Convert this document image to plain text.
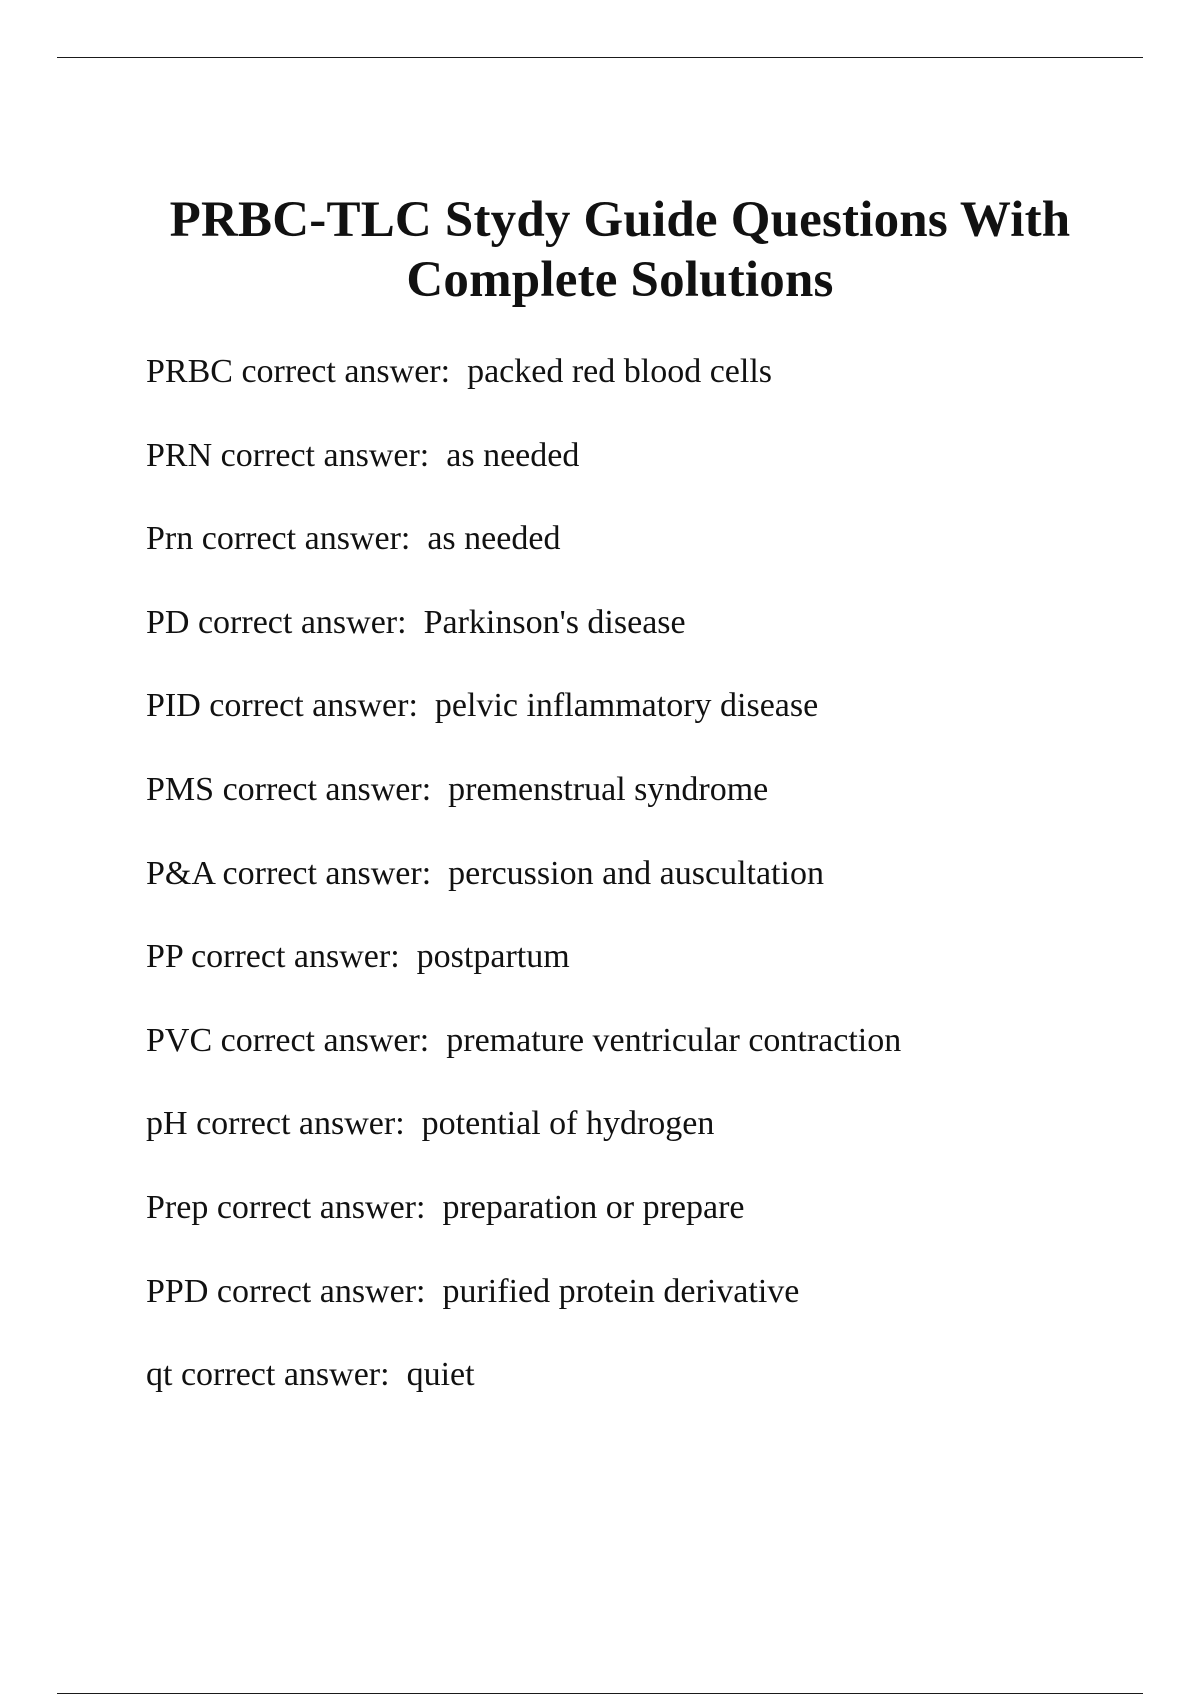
PRBC-TLC Stydy Guide Questions With
Complete Solutions
PRBC correct answer:  packed red blood cells
PRN correct answer:  as needed
Prn correct answer:  as needed
PD correct answer:  Parkinson's disease
PID correct answer:  pelvic inflammatory disease
PMS correct answer:  premenstrual syndrome
P&A correct answer:  percussion and auscultation
PP correct answer:  postpartum
PVC correct answer:  premature ventricular contraction
pH correct answer:  potential of hydrogen
Prep correct answer:  preparation or prepare
PPD correct answer:  purified protein derivative
qt correct answer:  quiet
